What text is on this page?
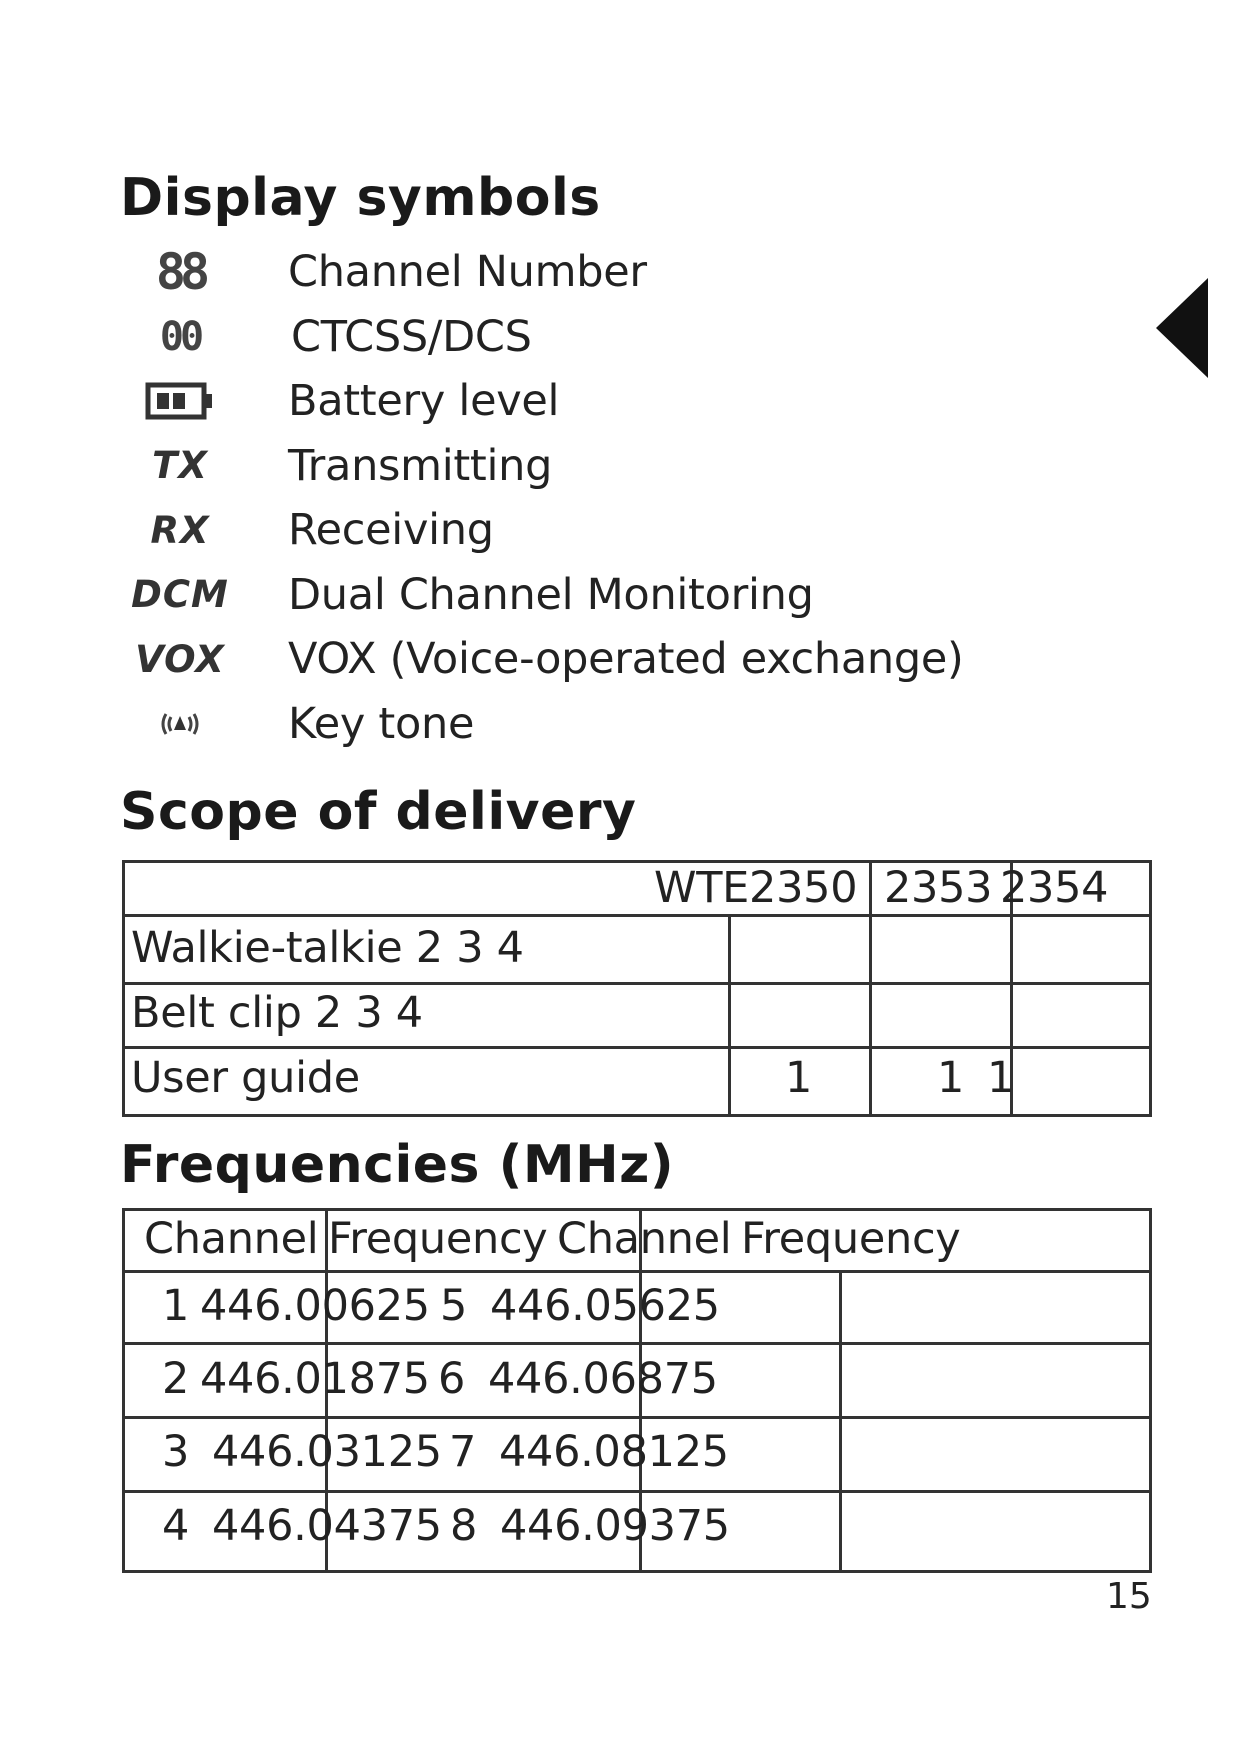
Display symbols
88 Channel Number
00 CTCSS/DCS
Battery level
TX Transmitting
RX Receiving
DCM Dual Channel Monitoring
VOX VOX (Voice-operated exchange)
Key tone
Scope of delivery
WTE2350 2353 2354
Walkie-talkie 2 3 4
Belt clip 2 3 4
User guide	1	1 1
Frequencies (MHz)
Channel Frequency Channel Frequency
1 446.00625 5 446.05625
2 446.01875 6 446.06875
3 446.03125 7 446.08125
4 446.04375 8 446.09375
15
